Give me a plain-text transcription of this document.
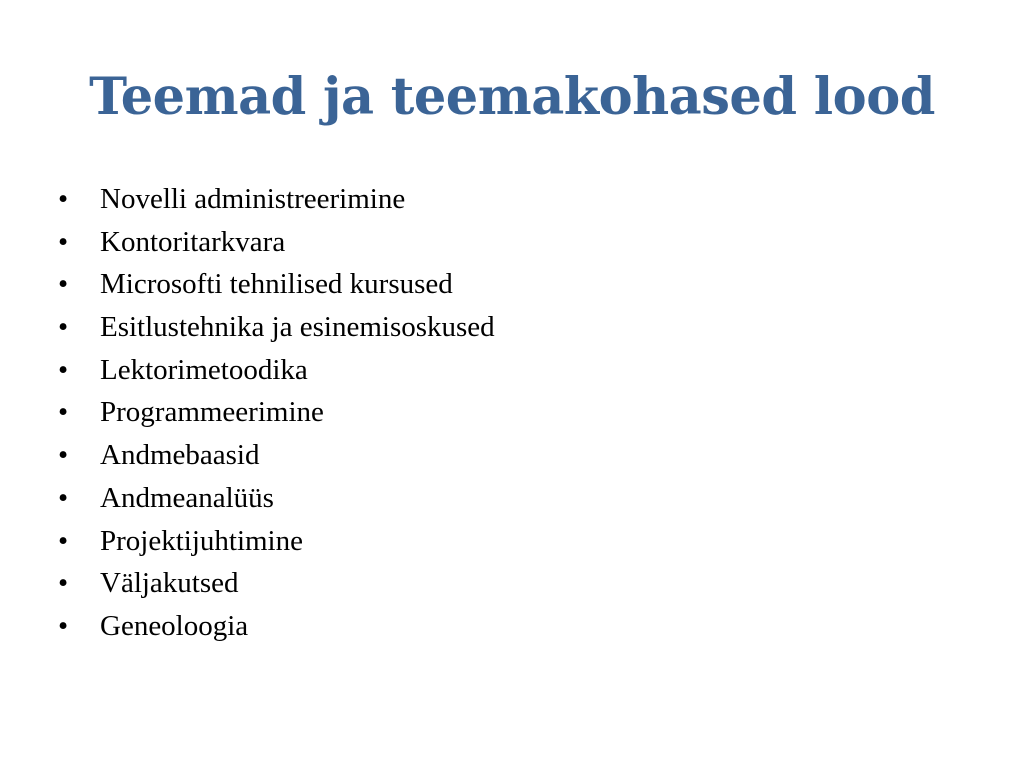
Teemad ja teemakohased lood
•	Novelli administreerimine
•	Kontoritarkvara
•	Microsofti tehnilised kursused
•	Esitlustehnika ja esinemisoskused
•	Lektorimetoodika
•	Programmeerimine
•	Andmebaasid
•	Andmeanalüüs
•	Projektijuhtimine
•	Väljakutsed
•	Geneoloogia
